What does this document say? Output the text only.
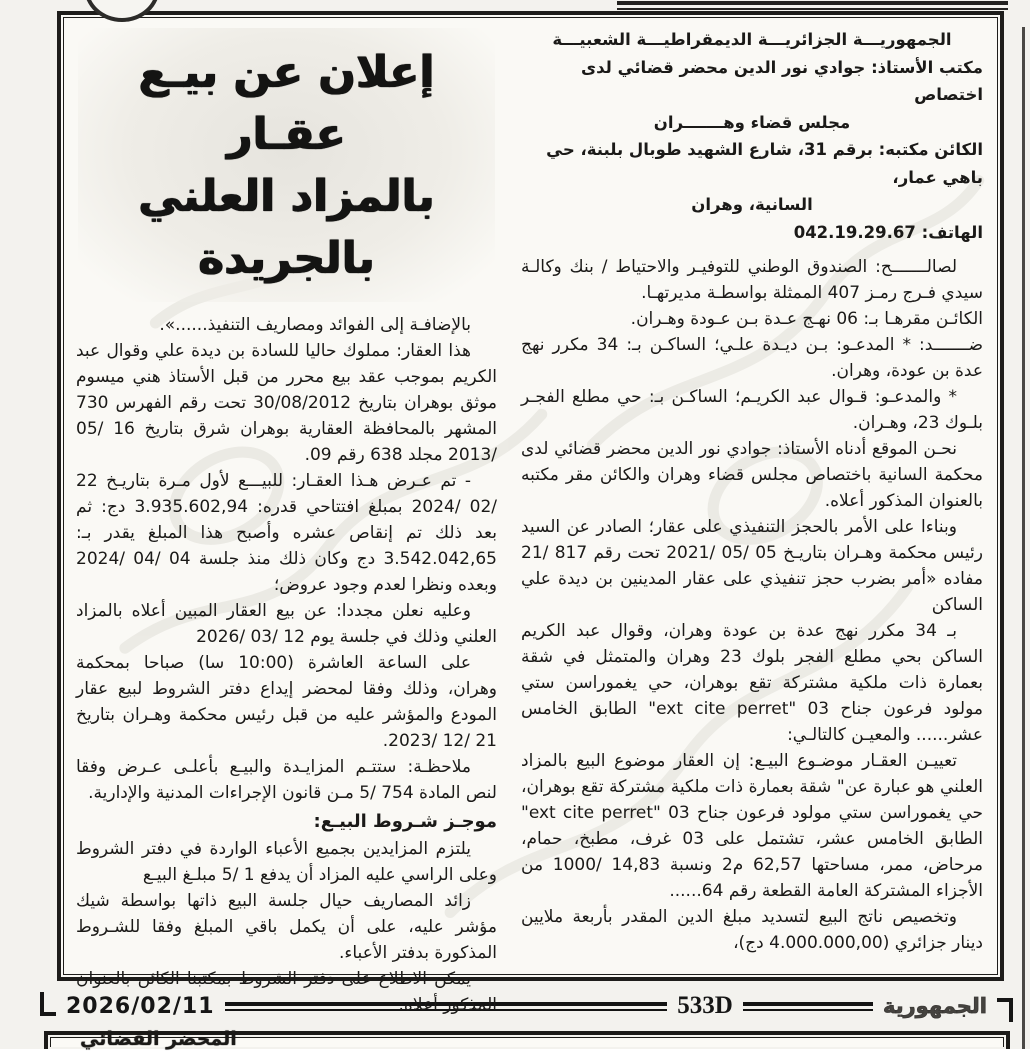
الجمهوريـــة الجزائريـــة الديمقراطيـــة الشعبيـــة

مكتب الأستاذ: جوادي نور الدين محضر قضائي لدى اختصاص

مجلس قضاء وهـــــــران

الكائن مكتبه: برقم 31، شارع الشهيد طوبال بلبنة، حي باهي عمار،

السانية، وهران

الهاتف: 042.19.29.67

لصالـــــــح: الصندوق الوطني للتوفيـر والاحتياط / بنك وكالـة سيدي فـرج رمـز 407 الممثلة بواسطـة مديرتهـا.

الكائـن مقرهـا بـ: 06 نهـج عـدة بـن عـودة وهـران.

ضـــــــد: * المدعـو: بـن ديـدة علـي؛ الساكـن بـ: 34 مكرر نهج عدة بن عودة، وهران.

* والمدعـو: قـوال عبد الكريـم؛ الساكـن بـ: حي مطلع الفجـر بلـوك 23، وهـران.

نحـن الموقع أدناه الأستاذ: جوادي نور الدين محضر قضائي لدى محكمة السانية باختصاص مجلس قضاء وهران والكائن مقر مكتبه بالعنوان المذكور أعلاه.

وبناءا على الأمر بالحجز التنفيذي على عقار؛ الصادر عن السيد رئيس محكمة وهـران بتاريـخ 05 /05 /2021 تحت رقم 817 /21 مفاده «أمر بضرب حجز تنفيذي على عقار المدينين بن ديدة علي الساكن

بـ 34 مكرر نهج عدة بن عودة وهران، وقوال عبد الكريم الساكن بحي مطلع الفجر بلوك 23 وهران والمتمثل في شقة بعمارة ذات ملكية مشتركة تقع بوهران، حي يغموراسن ستي مولود فرعون جناح 03 "ext cite perret" الطابق الخامس عشر...... والمعيـن كالتالـي:

تعييـن العقـار موضـوع البيـع: إن العقار موضوع البيع بالمزاد العلني هو عبارة عن" شقة بعمارة ذات ملكية مشتركة تقع بوهران، حي يغموراسن ستي مولود فرعون جناح 03 "ext cite perret" الطابق الخامس عشر، تشتمل على 03 غرف، مطبخ، حمام، مرحاض، ممر، مساحتها 62,57 م2 ونسبة 14,83 /1000 من الأجزاء المشتركة العامة القطعة رقم 64......

وتخصيص ناتج البيع لتسديد مبلغ الدين المقدر بأربعة ملايين دينار جزائري (4.000.000,00 دج)،

إعلان عن بيـع عقـار
بالمزاد العلني بالجريدة

بالإضافـة إلى الفوائد ومصاريف التنفيذ......».

هذا العقار: مملوك حاليا للسادة بن ديدة علي وقوال عبد الكريم بموجب عقد بيع محرر من قبل الأستاذ هني ميسوم موثق بوهران بتاريخ 30/08/2012 تحت رقم الفهرس 730 المشهر بالمحافظة العقارية بوهران شرق بتاريخ 16 /05 /2013 مجلد 638 رقم 09.

- تم عـرض هـذا العقـار: للبيـــع لأول مـرة بتاريـخ 22 /02 /2024 بمبلغ افتتاحي قدره: 3.935.602,94 دج: ثم بعد ذلك تم إنقاص عشره وأصبح هذا المبلغ يقدر بـ: 3.542.042,65 دج وكان ذلك منذ جلسة 04 /04 /2024 وبعده ونظرا لعدم وجود عروض؛

وعليه نعلن مجددا: عن بيع العقار المبين أعلاه بالمزاد العلني وذلك في جلسة يوم 12 /03 /2026

على الساعة العاشرة (10:00 سا) صباحا بمحكمة وهران، وذلك وفقا لمحضر إيداع دفتر الشروط لبيع عقار المودع والمؤشر عليه من قبل رئيس محكمة وهـران بتاريخ 21 /12 /2023.

ملاحظـة: ستتـم المزايـدة والبيـع بأعلـى عـرض وفقا لنص المادة 754 /5 مـن قانون الإجراءات المدنية والإدارية.

موجـز شـروط البيـع:

يلتزم المزايدين بجميع الأعباء الواردة في دفتر الشروط وعلى الراسي عليه المزاد أن يدفع 1 /5 مبلـغ البيـع

زائد المصاريف حيال جلسة البيع ذاتها بواسطة شيك مؤشر عليه، على أن يكمل باقي المبلغ وفقا للشـروط المذكورة بدفتر الأعباء.

يمكن الاطلاع على دفتر الشروط بمكتبنا الكائن بالعنوان المذكور أعلاه.

المحضر القضائي

2026/02/11	533D	الجمهورية
